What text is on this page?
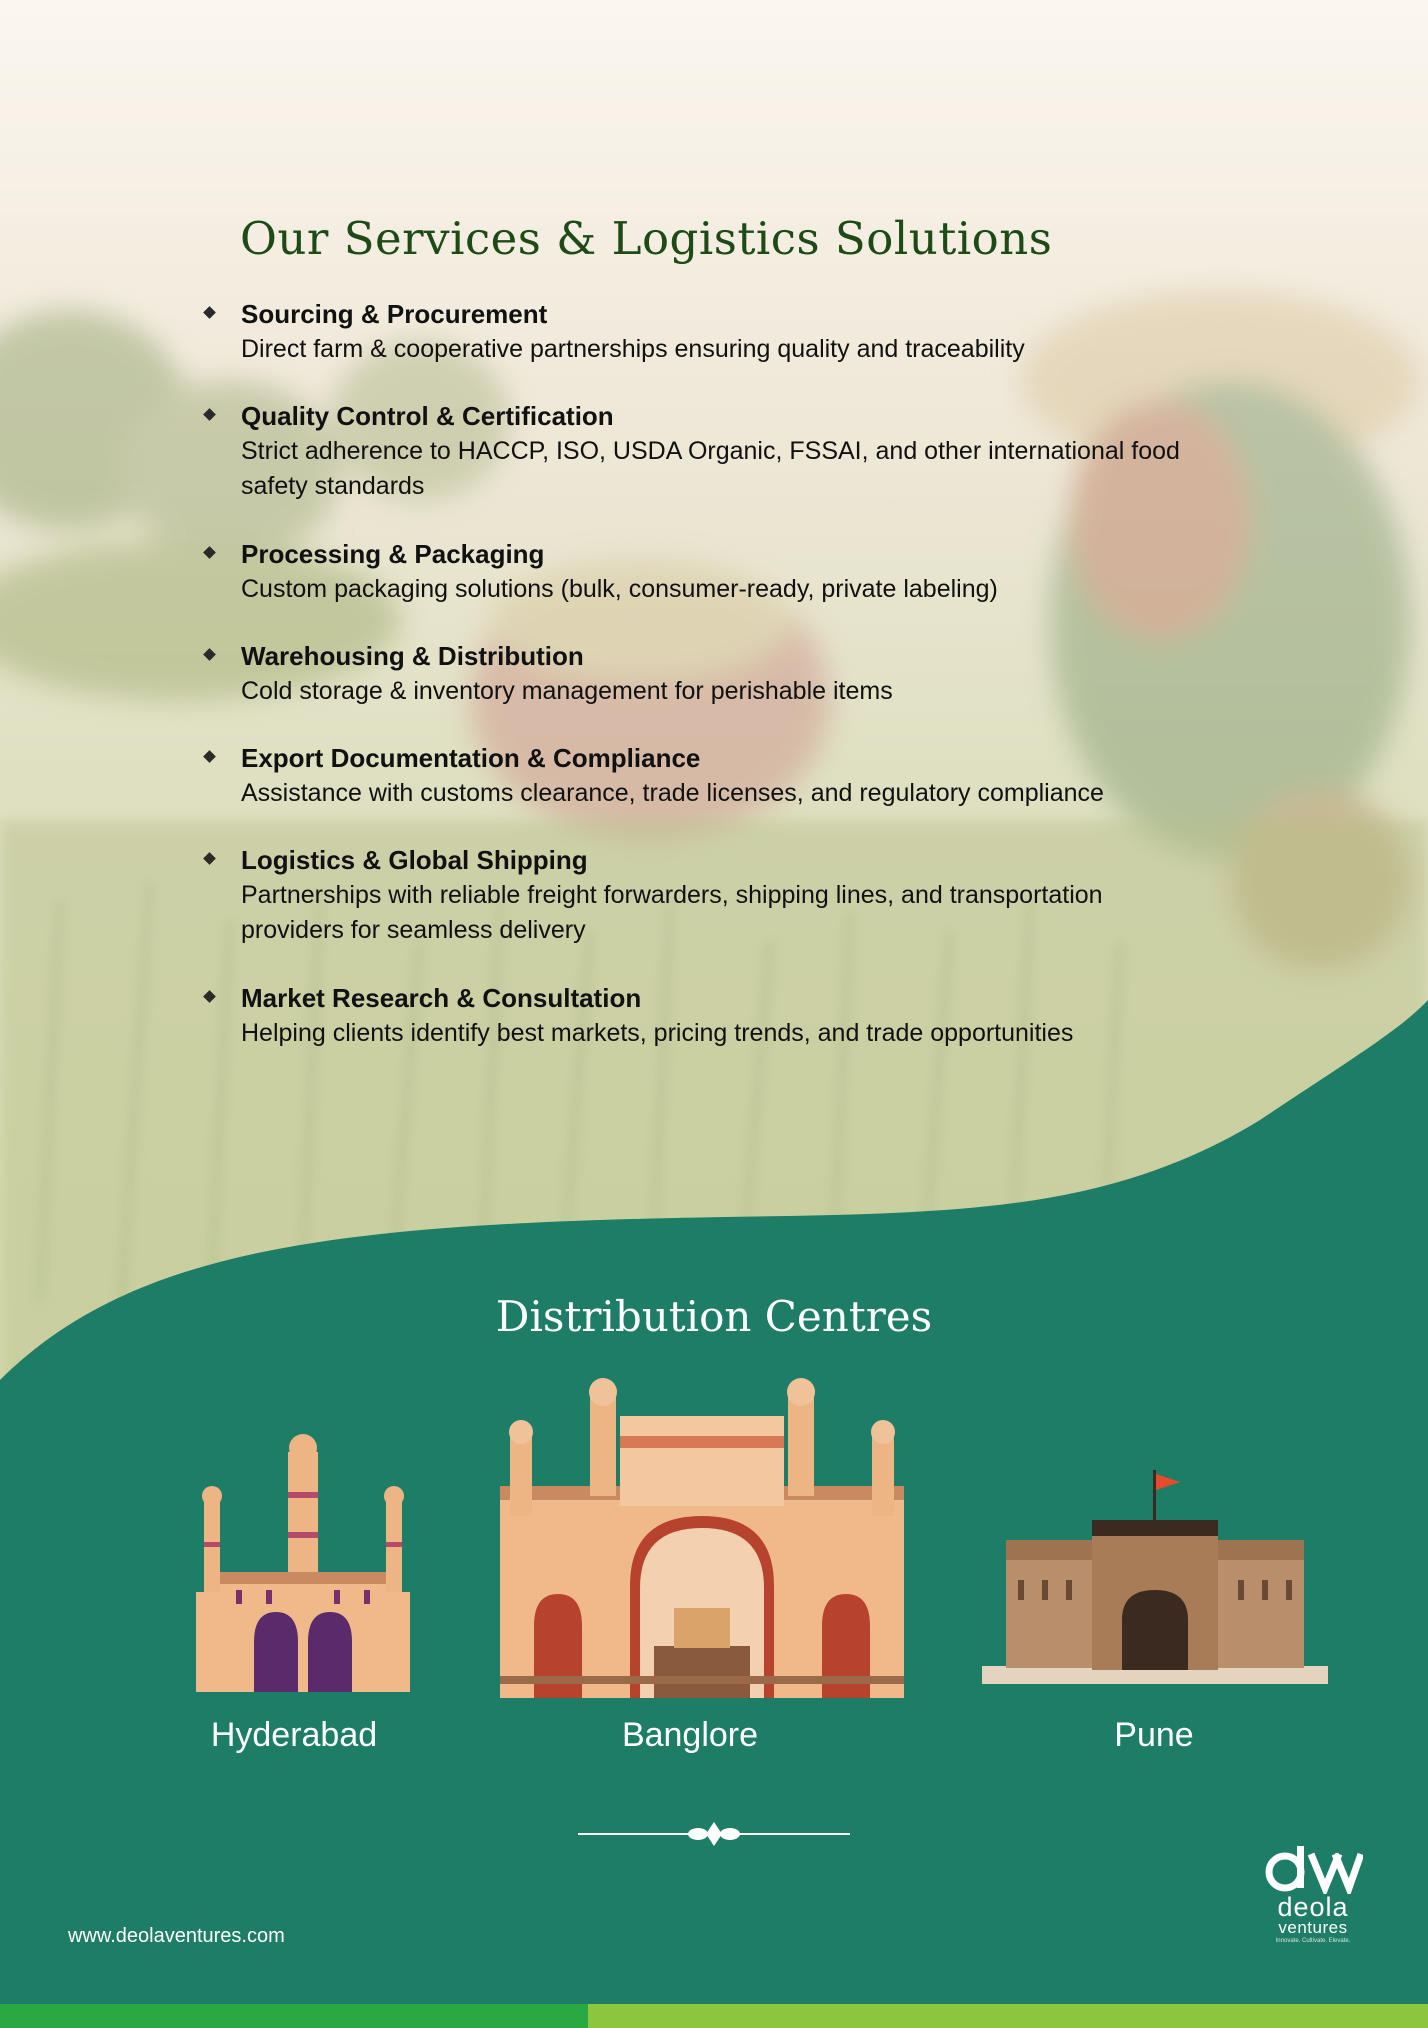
Our Services & Logistics Solutions
Sourcing & Procurement
Direct farm & cooperative partnerships ensuring quality and traceability
Quality Control & Certification
Strict adherence to HACCP, ISO, USDA Organic, FSSAI, and other international food safety standards
Processing & Packaging
Custom packaging solutions (bulk, consumer-ready, private labeling)
Warehousing & Distribution
Cold storage & inventory management for perishable items
Export Documentation & Compliance
Assistance with customs clearance, trade licenses, and regulatory compliance
Logistics & Global Shipping
Partnerships with reliable freight forwarders, shipping lines, and transportation providers for seamless delivery
Market Research & Consultation
Helping clients identify best markets, pricing trends, and trade opportunities
Distribution Centres
Hyderabad	Banglore	Pune
www.deolaventures.com
deola
ventures
Innovate. Cultivate. Elevate.
